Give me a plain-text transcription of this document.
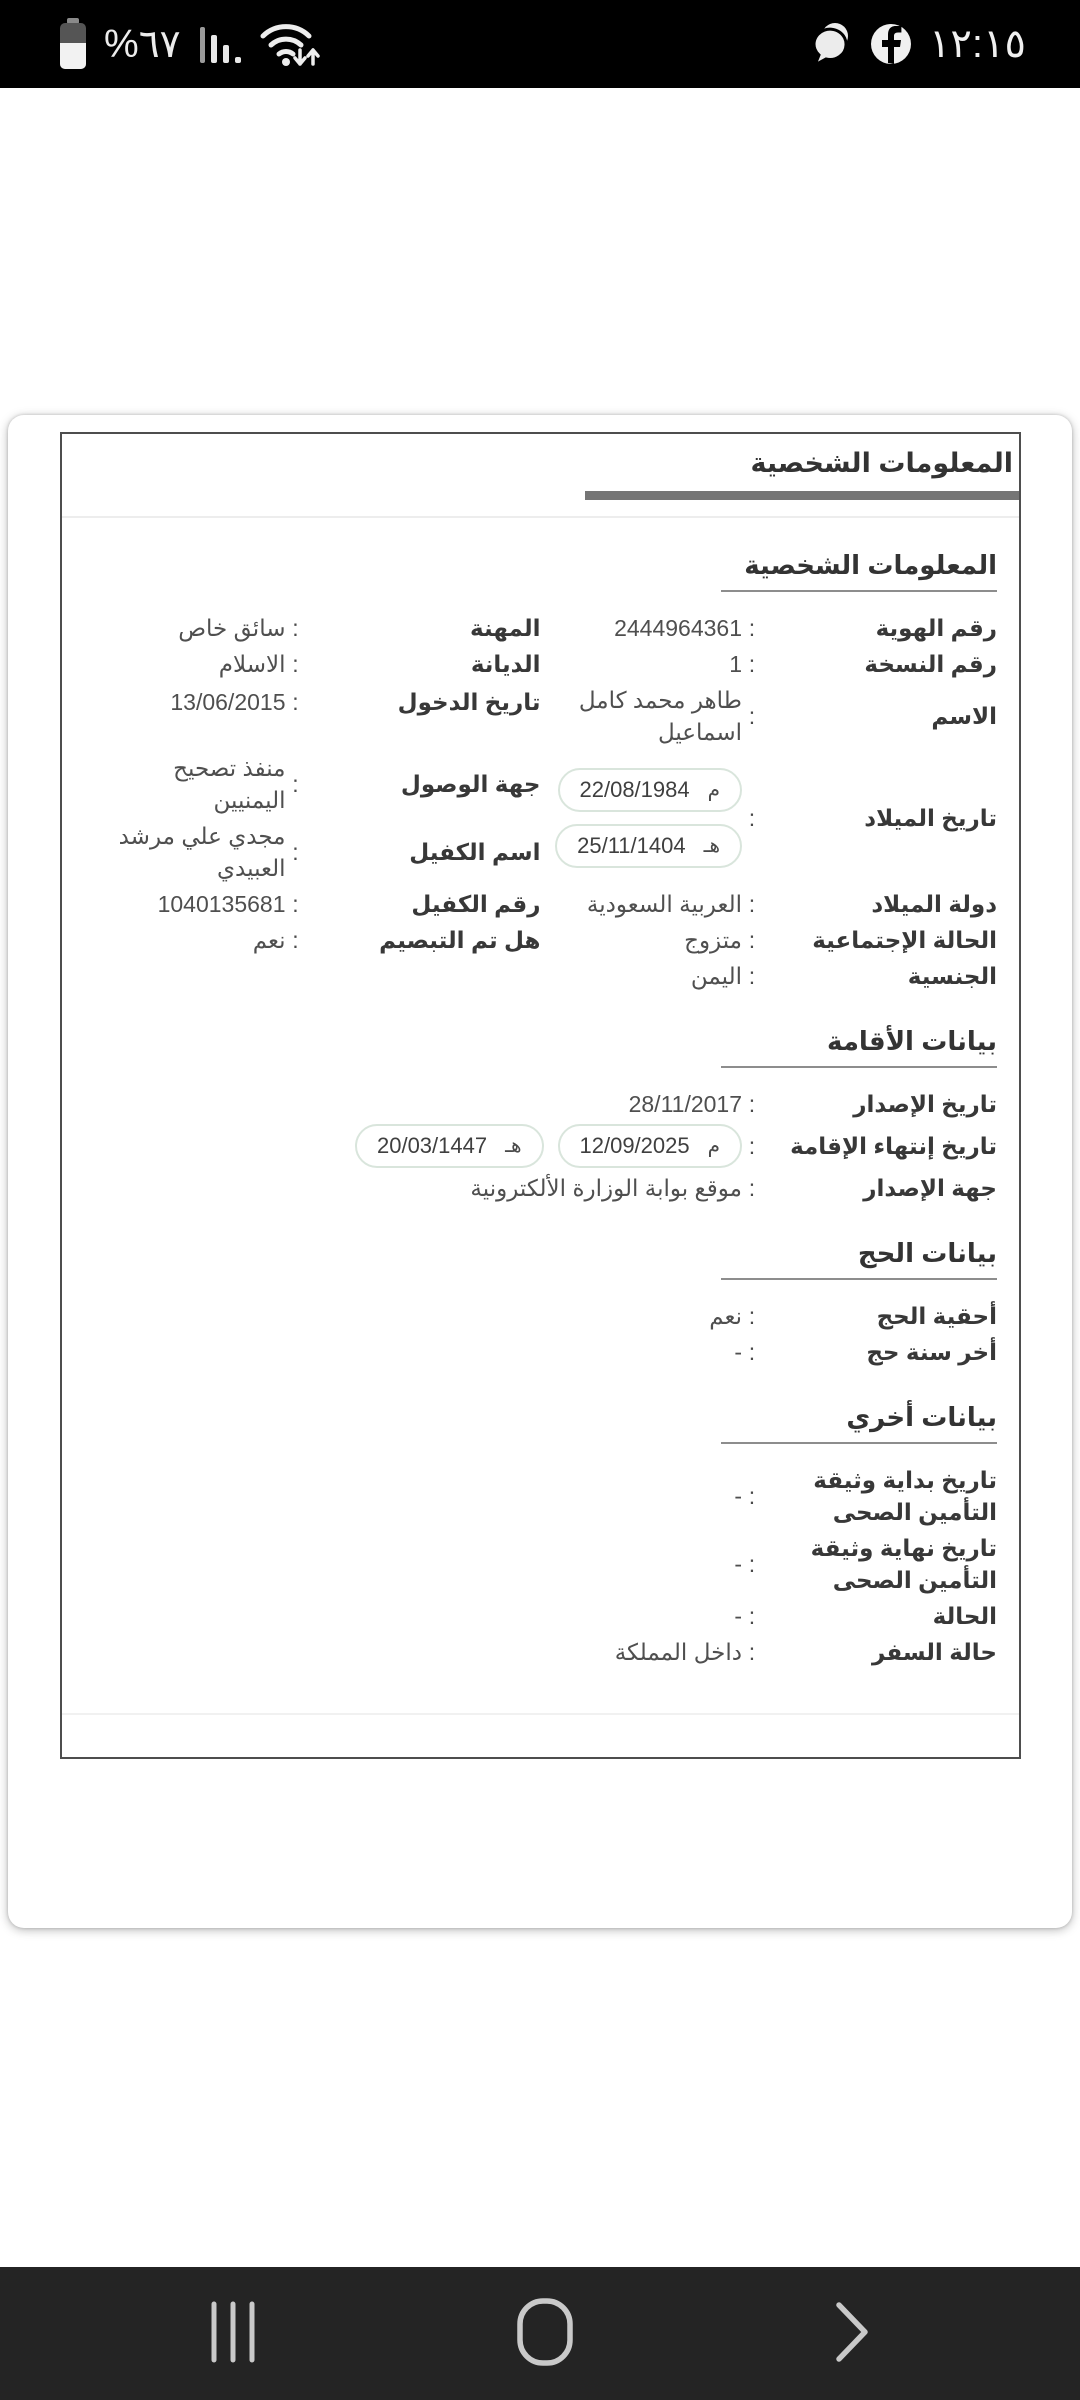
%٦٧	١٢:١٥
المعلومات الشخصية
المعلومات الشخصية
رقم الهوية
:
2444964361
المهنة
:
سائق خاص
رقم النسخة
:
1
الديانة
:
الاسلام
الاسم
:
طاهر محمد كامل اسماعيل
تاريخ الدخول
:
13/06/2015
تاريخ الميلاد
:
م
22/08/1984
هـ
25/11/1404
جهة الوصول
:
منفذ تصحيح اليمنيين
اسم الكفيل
:
مجدي علي مرشد العبيدي
دولة الميلاد
:
العربية السعودية
رقم الكفيل
:
1040135681
الحالة الإجتماعية
:
متزوج
هل تم التبصيم
:
نعم
الجنسية
:
اليمن
بيانات الأقامة
تاريخ الإصدار
:
28/11/2017
تاريخ إنتهاء الإقامة
:
م
12/09/2025
هـ
20/03/1447
جهة الإصدار
:
موقع بوابة الوزارة الألكترونية
بيانات الحج
أحقية الحج
:
نعم
أخر سنة حج
:
-
بيانات أخري
تاريخ بداية وثيقة التأمين الصحى
:
-
تاريخ نهاية وثيقة التأمين الصحى
:
-
الحالة
:
-
حالة السفر
:
داخل المملكة
